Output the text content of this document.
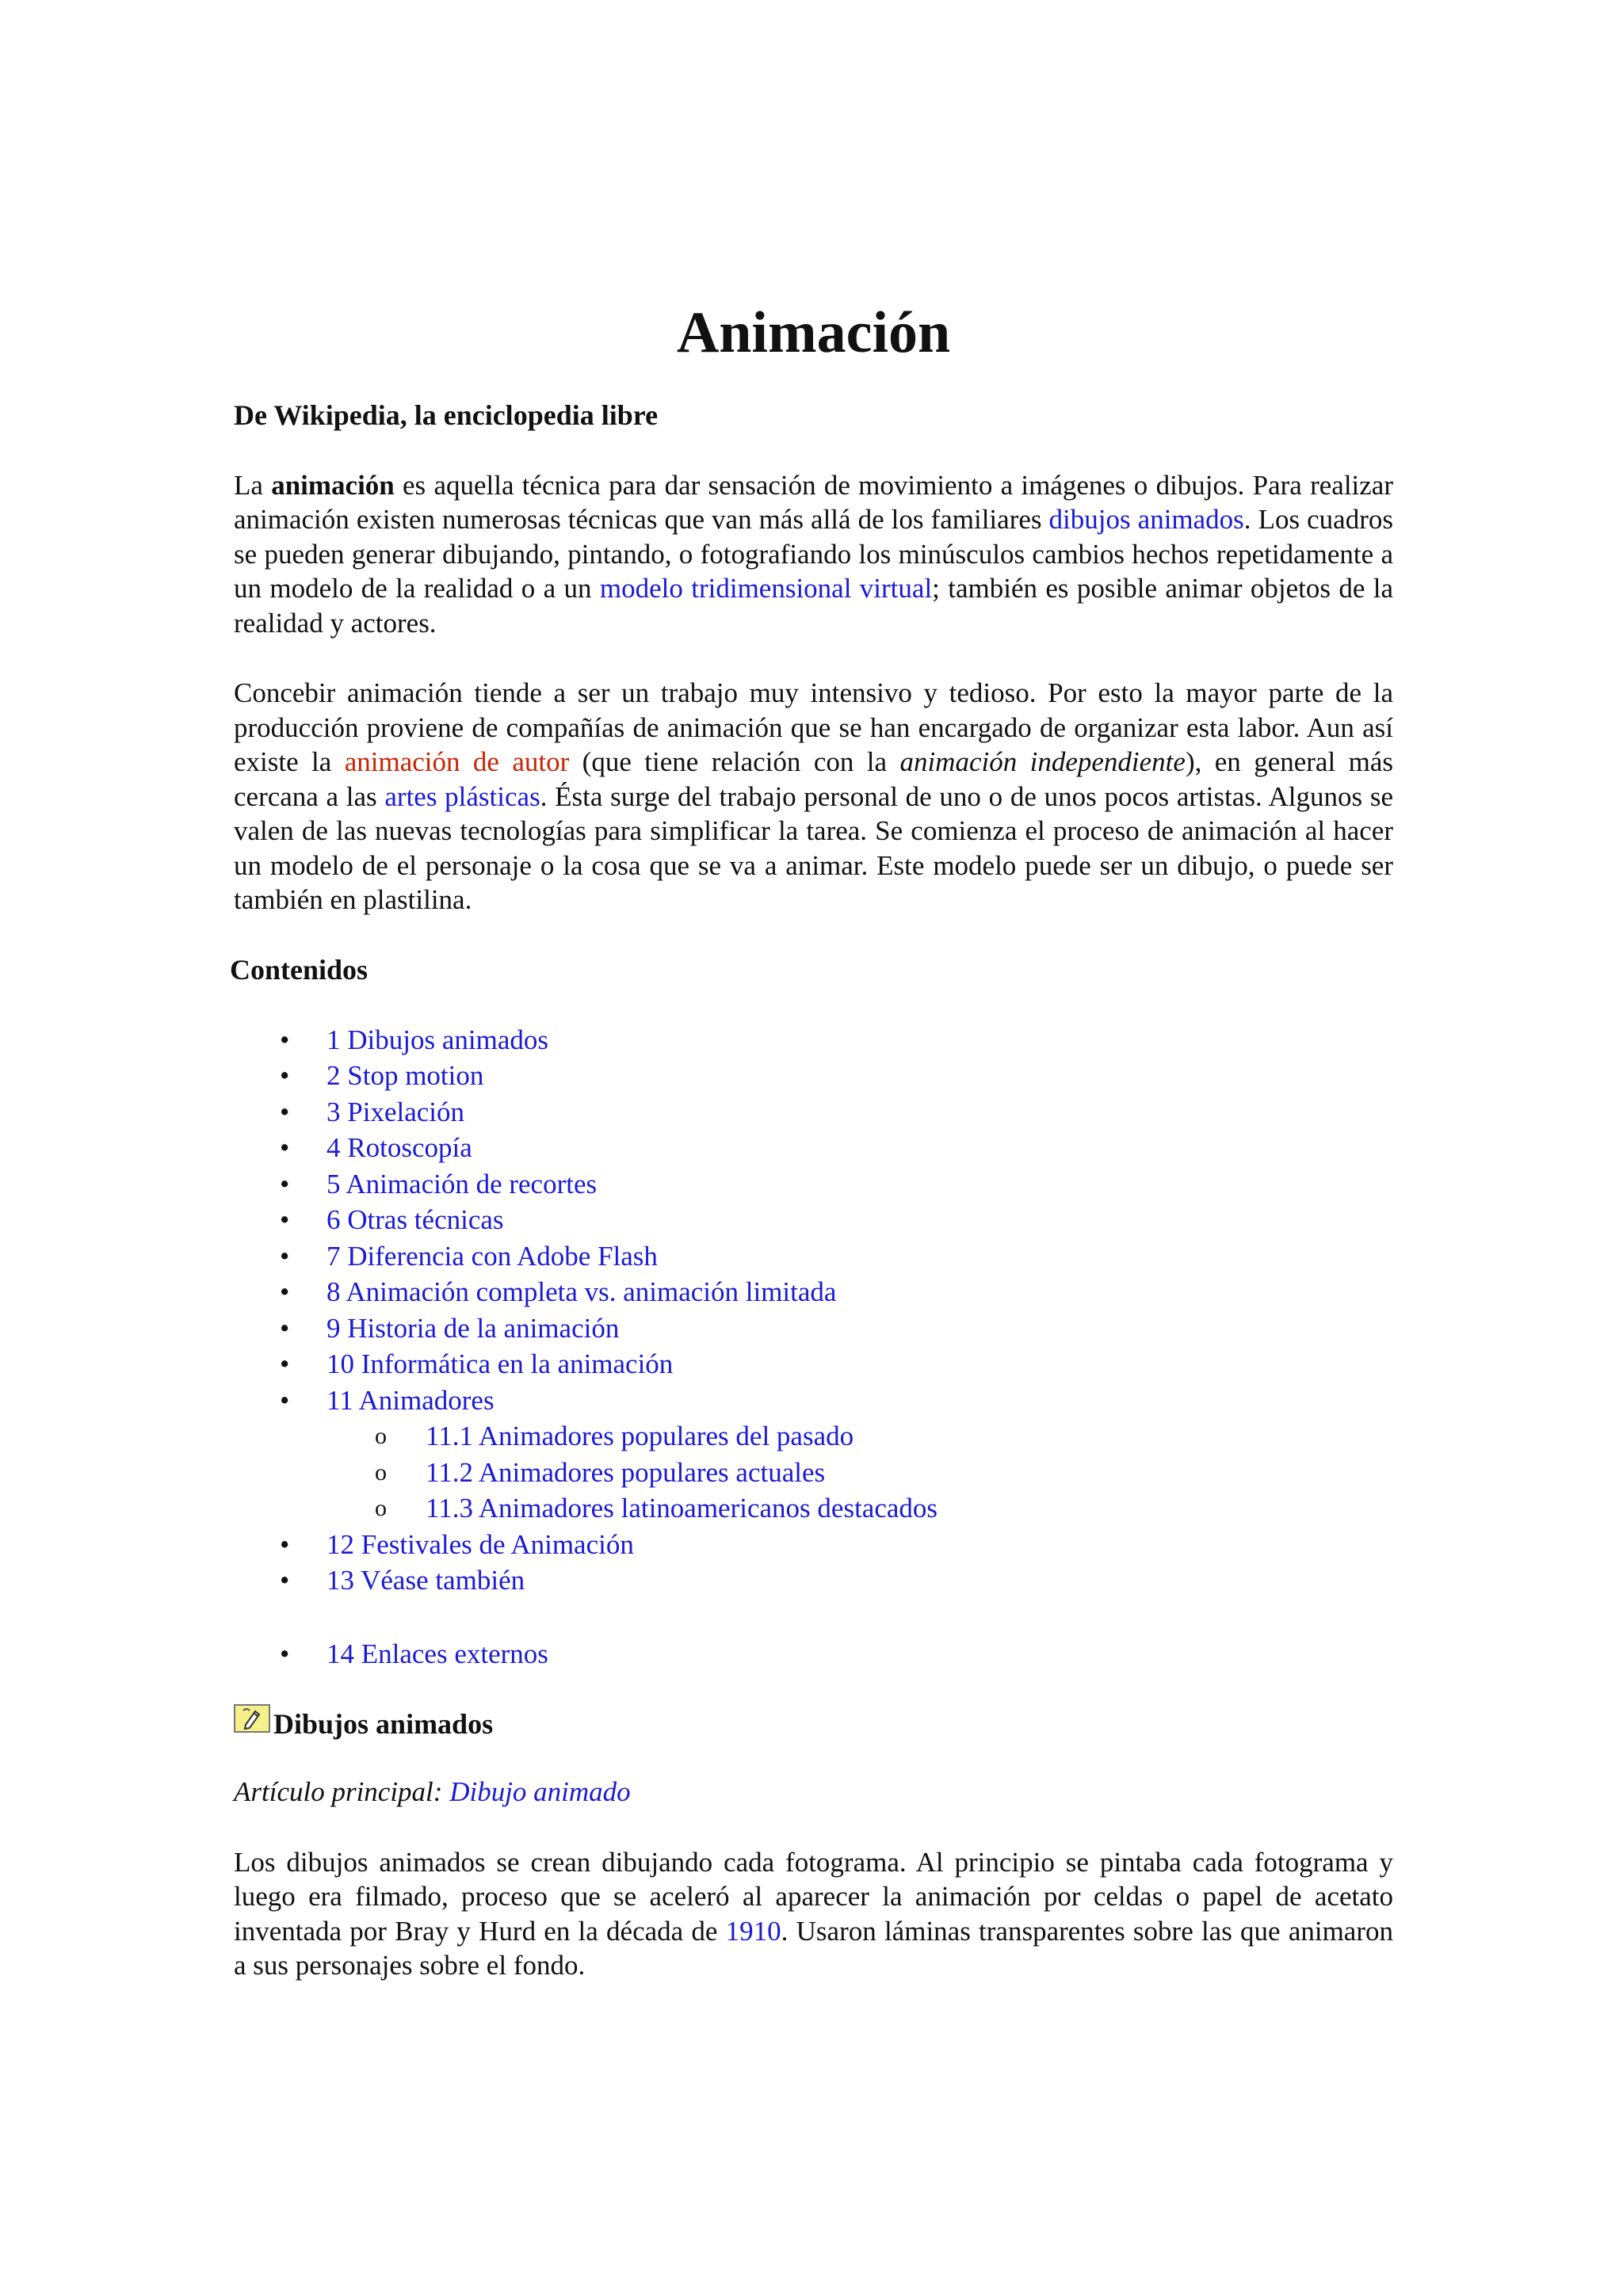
Animación
De Wikipedia, la enciclopedia libre

La animación es aquella técnica para dar sensación de movimiento a imágenes o dibujos. Para realizar animación existen numerosas técnicas que van más allá de los familiares dibujos animados. Los cuadros se pueden generar dibujando, pintando, o fotografiando los minúsculos cambios hechos repetidamente a un modelo de la realidad o a un modelo tridimensional virtual; también es posible animar objetos de la realidad y actores.

Concebir animación tiende a ser un trabajo muy intensivo y tedioso. Por esto la mayor parte de la producción proviene de compañías de animación que se han encargado de organizar esta labor. Aun así existe la animación de autor (que tiene relación con la animación independiente), en general más cercana a las artes plásticas. Ésta surge del trabajo personal de uno o de unos pocos artistas. Algunos se valen de las nuevas tecnologías para simplificar la tarea. Se comienza el proceso de animación al hacer un modelo de el personaje o la cosa que se va a animar. Este modelo puede ser un dibujo, o puede ser también en plastilina.

Contenidos
• 1 Dibujos animados
• 2 Stop motion
• 3 Pixelación
• 4 Rotoscopía
• 5 Animación de recortes
• 6 Otras técnicas
• 7 Diferencia con Adobe Flash
• 8 Animación completa vs. animación limitada
• 9 Historia de la animación
• 10 Informática en la animación
• 11 Animadores
o 11.1 Animadores populares del pasado
o 11.2 Animadores populares actuales
o 11.3 Animadores latinoamericanos destacados
• 12 Festivales de Animación
• 13 Véase también
• 14 Enlaces externos
Dibujos animados

Artículo principal: Dibujo animado

Los dibujos animados se crean dibujando cada fotograma. Al principio se pintaba cada fotograma y luego era filmado, proceso que se aceleró al aparecer la animación por celdas o papel de acetato inventada por Bray y Hurd en la década de 1910. Usaron láminas transparentes sobre las que animaron a sus personajes sobre el fondo.
